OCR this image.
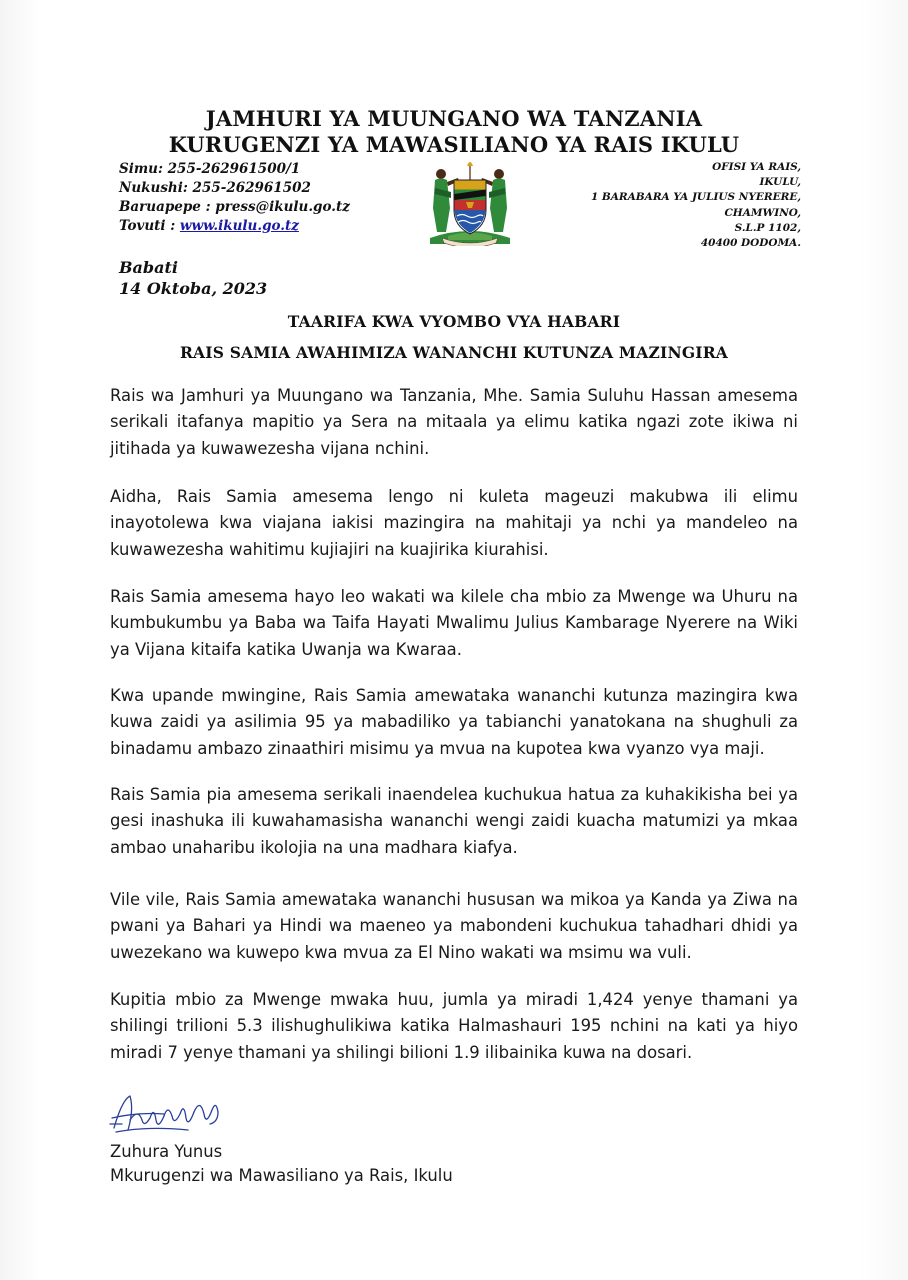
JAMHURI YA MUUNGANO WA TANZANIA
KURUGENZI YA MAWASILIANO YA RAIS IKULU
Simu: 255-262961500/1
Nukushi: 255-262961502
Baruapepe : press@ikulu.go.tz
Tovuti : www.ikulu.go.tz
OFISI YA RAIS,
IKULU,
1 BARABARA YA JULIUS NYERERE,
CHAMWINO,
S.L.P 1102,
40400 DODOMA.
Babati
14 Oktoba, 2023
TAARIFA KWA VYOMBO VYA HABARI
RAIS SAMIA AWAHIMIZA WANANCHI KUTUNZA MAZINGIRA

Rais wa Jamhuri ya Muungano wa Tanzania, Mhe. Samia Suluhu Hassan amesema serikali itafanya mapitio ya Sera na mitaala ya elimu katika ngazi zote ikiwa ni jitihada ya kuwawezesha vijana nchini.

Aidha, Rais Samia amesema lengo ni kuleta mageuzi makubwa ili elimu inayotolewa kwa viajana iakisi mazingira na mahitaji ya nchi ya mandeleo na kuwawezesha wahitimu kujiajiri na kuajirika kiurahisi.

Rais Samia amesema hayo leo wakati wa kilele cha mbio za Mwenge wa Uhuru na kumbukumbu ya Baba wa Taifa Hayati Mwalimu Julius Kambarage Nyerere na Wiki ya Vijana kitaifa katika Uwanja wa Kwaraa.

Kwa upande mwingine, Rais Samia amewataka wananchi kutunza mazingira kwa kuwa zaidi ya asilimia 95 ya mabadiliko ya tabianchi yanatokana na shughuli za binadamu ambazo zinaathiri misimu ya mvua na kupotea kwa vyanzo vya maji.

Rais Samia pia amesema serikali inaendelea kuchukua hatua za kuhakikisha bei ya gesi inashuka ili kuwahamasisha wananchi wengi zaidi kuacha matumizi ya mkaa ambao unaharibu ikolojia na una madhara kiafya.

Vile vile, Rais Samia amewataka wananchi hususan wa mikoa ya Kanda ya Ziwa na pwani ya Bahari ya Hindi wa maeneo ya mabondeni kuchukua tahadhari dhidi ya uwezekano wa kuwepo kwa mvua za El Nino wakati wa msimu wa vuli.

Kupitia mbio za Mwenge mwaka huu, jumla ya miradi 1,424 yenye thamani ya shilingi trilioni 5.3 ilishughulikiwa katika Halmashauri 195 nchini na kati ya hiyo miradi 7 yenye thamani ya shilingi bilioni 1.9 ilibainika kuwa na dosari.

Zuhura Yunus
Mkurugenzi wa Mawasiliano ya Rais, Ikulu
